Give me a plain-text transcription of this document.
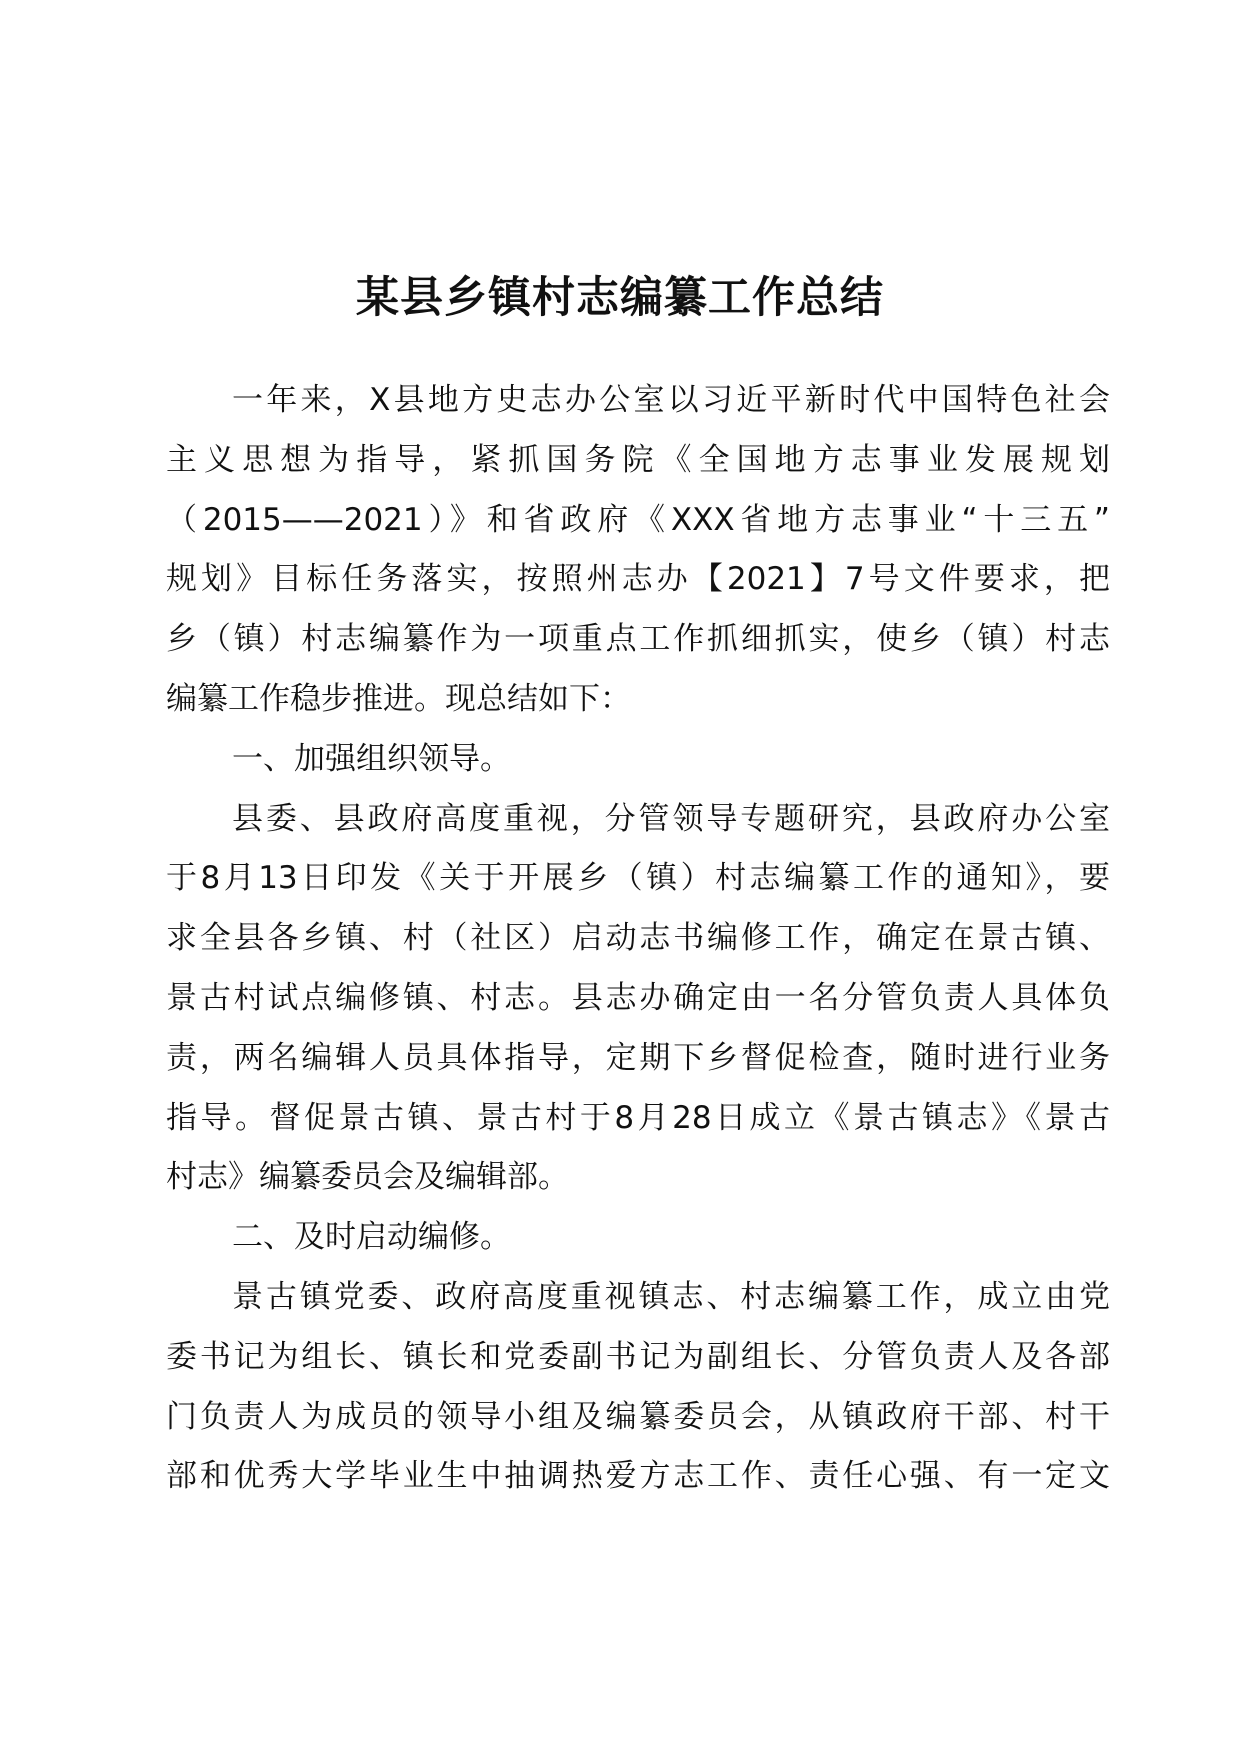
某县乡镇村志编纂工作总结
一年来，X县地方史志办公室以习近平新时代中国特色社会
主义思想为指导，紧抓国务院《全国地方志事业发展规划
（2015——2021）》和省政府《XXX省地方志事业“十三五”
规划》目标任务落实，按照州志办【2021】7号文件要求，把
乡（镇）村志编纂作为一项重点工作抓细抓实，使乡（镇）村志
编纂工作稳步推进。现总结如下：
一、加强组织领导。
县委、县政府高度重视，分管领导专题研究，县政府办公室
于8月13日印发《关于开展乡（镇）村志编纂工作的通知》，要
求全县各乡镇、村（社区）启动志书编修工作，确定在景古镇、
景古村试点编修镇、村志。县志办确定由一名分管负责人具体负
责，两名编辑人员具体指导，定期下乡督促检查，随时进行业务
指导。督促景古镇、景古村于8月28日成立《景古镇志》《景古
村志》编纂委员会及编辑部。
二、及时启动编修。
景古镇党委、政府高度重视镇志、村志编纂工作，成立由党
委书记为组长、镇长和党委副书记为副组长、分管负责人及各部
门负责人为成员的领导小组及编纂委员会，从镇政府干部、村干
部和优秀大学毕业生中抽调热爱方志工作、责任心强、有一定文
